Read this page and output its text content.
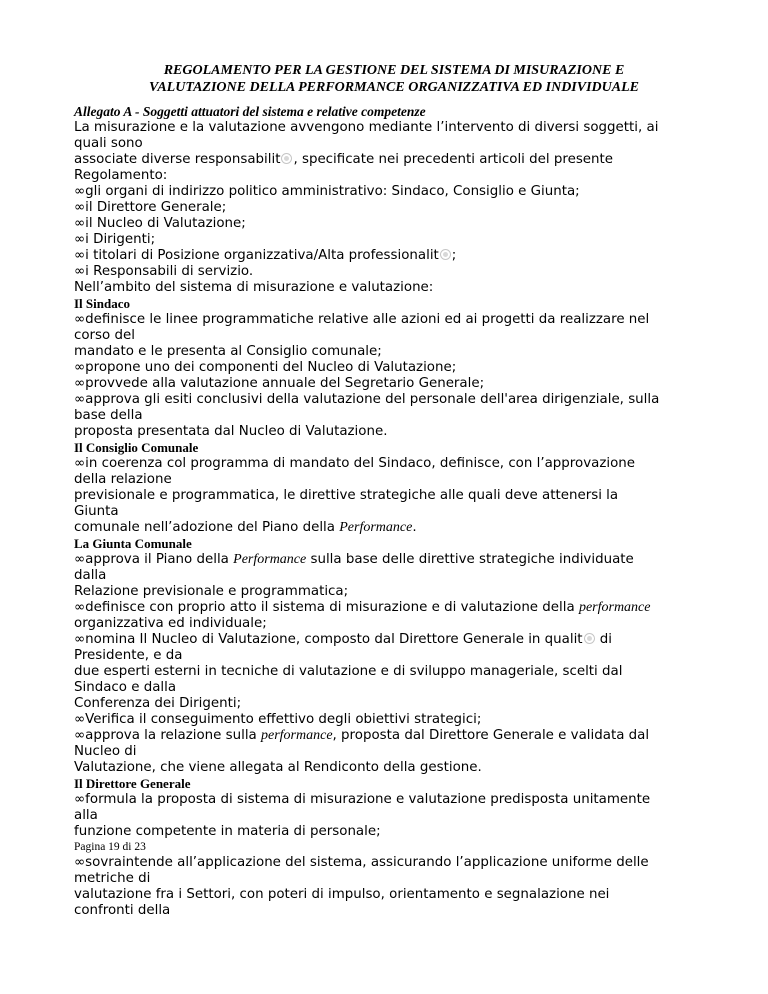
REGOLAMENTO PER LA GESTIONE DEL SISTEMA DI MISURAZIONE E
VALUTAZIONE DELLA PERFORMANCE ORGANIZZATIVA ED INDIVIDUALE
Allegato A - Soggetti attuatori del sistema e relative competenze
La misurazione e la valutazione avvengono mediante l’intervento di diversi soggetti, ai
quali sono
associate diverse responsabilit , specificate nei precedenti articoli del presente
Regolamento:
∞gli organi di indirizzo politico amministrativo: Sindaco, Consiglio e Giunta;
∞il Direttore Generale;
∞il Nucleo di Valutazione;
∞i Dirigenti;
∞i titolari di Posizione organizzativa/Alta professionalit ;
∞i Responsabili di servizio.
Nell’ambito del sistema di misurazione e valutazione:
Il Sindaco
∞definisce le linee programmatiche relative alle azioni ed ai progetti da realizzare nel
corso del
mandato e le presenta al Consiglio comunale;
∞propone uno dei componenti del Nucleo di Valutazione;
∞provvede alla valutazione annuale del Segretario Generale;
∞approva gli esiti conclusivi della valutazione del personale dell'area dirigenziale, sulla
base della
proposta presentata dal Nucleo di Valutazione.
Il Consiglio Comunale
∞in coerenza col programma di mandato del Sindaco, definisce, con l’approvazione
della relazione
previsionale e programmatica, le direttive strategiche alle quali deve attenersi la
Giunta
comunale nell’adozione del Piano della Performance.
La Giunta Comunale
∞approva il Piano della Performance sulla base delle direttive strategiche individuate
dalla
Relazione previsionale e programmatica;
∞definisce con proprio atto il sistema di misurazione e di valutazione della performance
organizzativa ed individuale;
∞nomina Il Nucleo di Valutazione, composto dal Direttore Generale in qualit di
Presidente, e da
due esperti esterni in tecniche di valutazione e di sviluppo manageriale, scelti dal
Sindaco e dalla
Conferenza dei Dirigenti;
∞Verifica il conseguimento effettivo degli obiettivi strategici;
∞approva la relazione sulla performance, proposta dal Direttore Generale e validata dal
Nucleo di
Valutazione, che viene allegata al Rendiconto della gestione.
Il Direttore Generale
∞formula la proposta di sistema di misurazione e valutazione predisposta unitamente
alla
funzione competente in materia di personale;
Pagina 19 di 23
∞sovraintende all’applicazione del sistema, assicurando l’applicazione uniforme delle
metriche di
valutazione fra i Settori, con poteri di impulso, orientamento e segnalazione nei
confronti della
